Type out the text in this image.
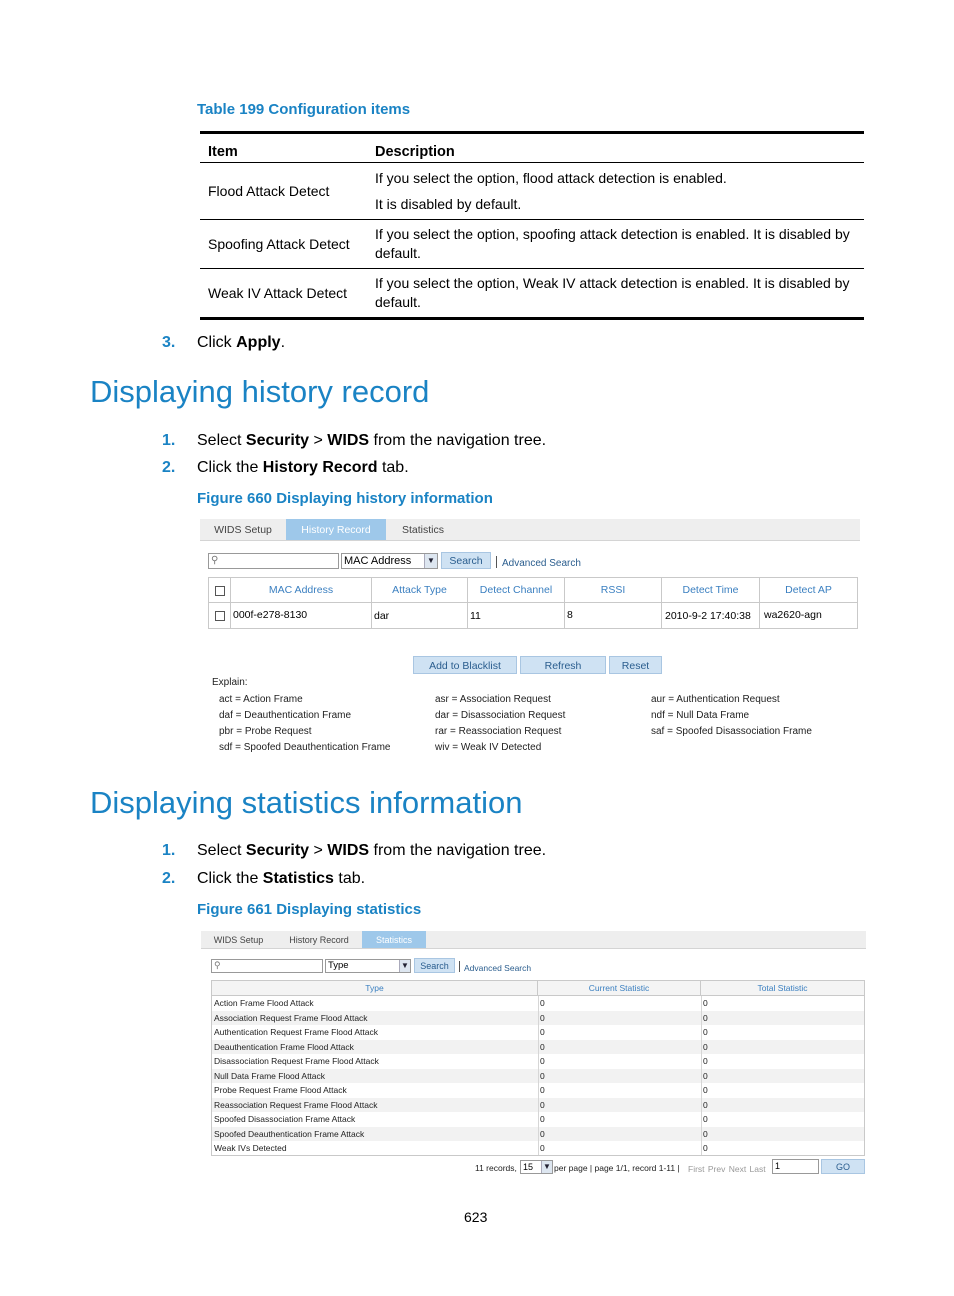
Table 199 Configuration items
Item	Description
Flood Attack Detect	If you select the option, flood attack detection is enabled.
It is disabled by default.

Spoofing Attack Detect	If you select the option, spoofing attack detection is enabled. It is disabled by default.
Weak IV Attack Detect	If you select the option, Weak IV attack detection is enabled. It is disabled by default.
3. Click Apply.
Displaying history record
1. Select Security > WIDS from the navigation tree.
2. Click the History Record tab.
Figure 660 Displaying history information
WIDS Setup	History Record	Statistics
⚲	MAC Address	▼	Search	Advanced Search
MAC Address	Attack Type	Detect Channel	RSSI	Detect Time	Detect AP
000f-e278-8130	dar	11	8	2010-9-2 17:40:38	wa2620-agn
Add to Blacklist	Refresh	Reset
Explain:
act = Action Frame
daf = Deauthentication Frame
pbr = Probe Request
sdf = Spoofed Deauthentication Frame
asr = Association Request
dar = Disassociation Request
rar = Reassociation Request
wiv = Weak IV Detected
aur = Authentication Request
ndf = Null Data Frame
saf = Spoofed Disassociation Frame
Displaying statistics information
1. Select Security > WIDS from the navigation tree.
2. Click the Statistics tab.
Figure 661 Displaying statistics
WIDS Setup	History Record	Statistics
⚲	Type	▼	Search	Advanced Search
Type	Current Statistic	Total Statistic
Action Frame Flood Attack	0	0
Association Request Frame Flood Attack	0	0
Authentication Request Frame Flood Attack	0	0
Deauthentication Frame Flood Attack	0	0
Disassociation Request Frame Flood Attack	0	0
Null Data Frame Flood Attack	0	0
Probe Request Frame Flood Attack	0	0
Reassociation Request Frame Flood Attack	0	0
Spoofed Disassociation Frame Attack	0	0
Spoofed Deauthentication Frame Attack	0	0
Weak IVs Detected	0	0
11 records, 15 ▼ per page | page 1/1, record 1-11 | First Prev Next Last	1	GO
623
